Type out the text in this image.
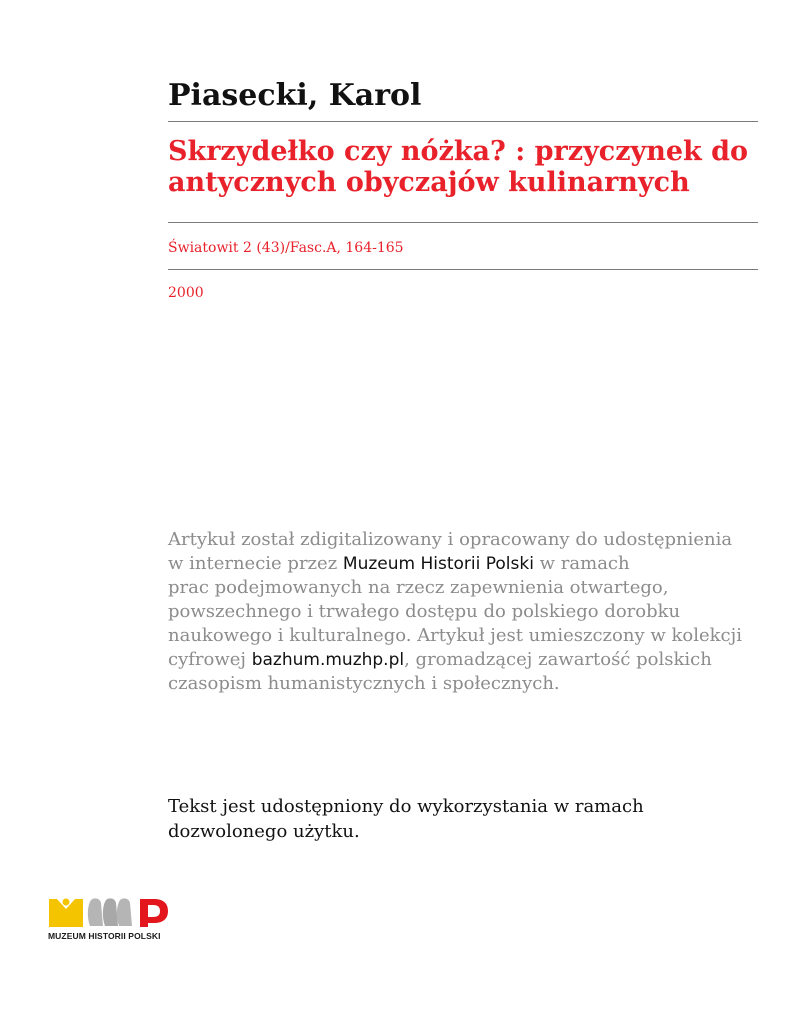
Piasecki, Karol
Skrzydełko czy nóżka? : przyczynek do
antycznych obyczajów kulinarnych
Światowit 2 (43)/Fasc.A, 164-165
2000

Artykuł został zdigitalizowany i opracowany do udostępnienia
w internecie przez Muzeum Historii Polski w ramach
prac podejmowanych na rzecz zapewnienia otwartego,
powszechnego i trwałego dostępu do polskiego dorobku
naukowego i kulturalnego. Artykuł jest umieszczony w kolekcji
cyfrowej bazhum.muzhp.pl, gromadzącej zawartość polskich
czasopism humanistycznych i społecznych.

Tekst jest udostępniony do wykorzystania w ramach
dozwolonego użytku.

MUZEUM HISTORII POLSKI
